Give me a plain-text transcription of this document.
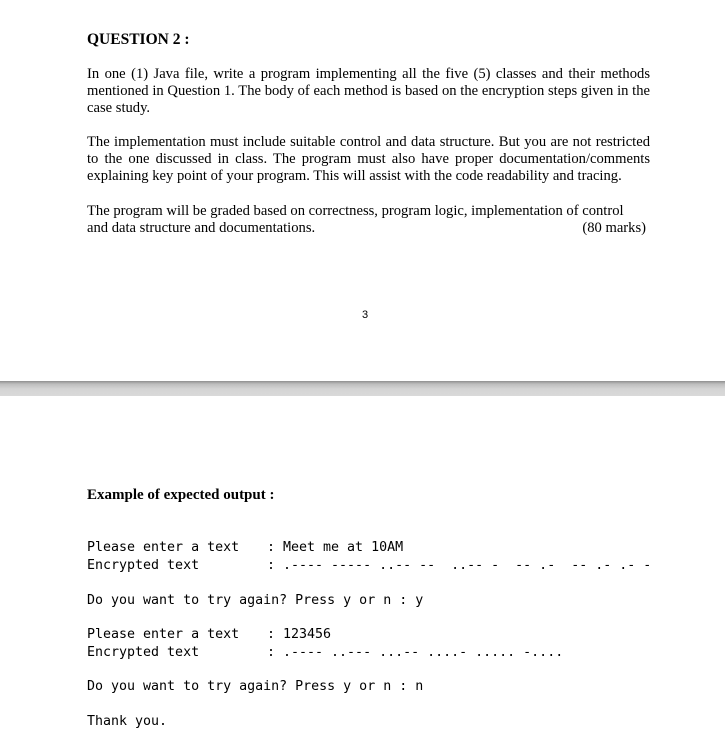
QUESTION 2 :

In one (1) Java file, write a program implementing all the five (5) classes and their methods mentioned in Question 1. The body of each method is based on the encryption steps given in the case study.

The implementation must include suitable control and data structure. But you are not restricted to the one discussed in class. The program must also have proper documentation/comments explaining key point of your program. This will assist with the code readability and tracing.

The program will be graded based on correctness, program logic, implementation of control
and data structure and documentations.	(80 marks)
3
Example of expected output :
Please enter a text : Meet me at 10AM
Encrypted text	: .---- ----- ..-- --  ..-- -  -- .-  -- .- .- -
Do you want to try again? Press y or n : y
Please enter a text : 123456
Encrypted text	: .---- ..--- ...-- ....- ..... -....
Do you want to try again? Press y or n : n
Thank you.
